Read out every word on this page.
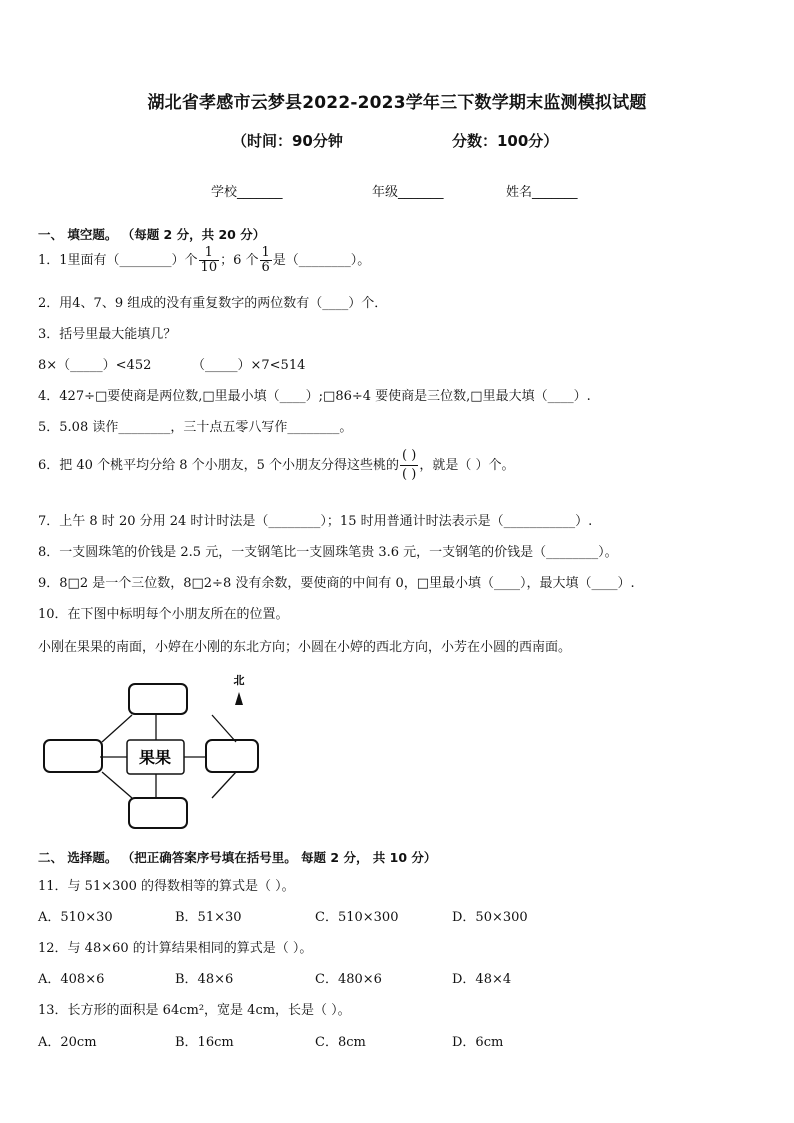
湖北省孝感市云梦县2022-2023学年三下数学期末监测模拟试题
（时间：90分钟	分数：100分）
学校_______	年级_______	姓名_______
一、 填空题。 （每题 2 分，共 20 分）
1．1里面有（________）个 $\frac{1}{10}$ ；6 个 $\frac{1}{6}$ 是（________）。
2．用4、7、9 组成的没有重复数字的两位数有（____）个．
3．括号里最大能填几？
8×（_____）<452	（_____）×7<514
4．427÷□要使商是两位数,□里最小填（____）;□86÷4 要使商是三位数,□里最大填（____）.
5．5.08 读作________，三十点五零八写作________。
6．把 40 个桃平均分给 8 个小朋友，5 个小朋友分得这些桃的 $\frac{( )}{( )}$ ，就是（ ）个。
7．上午 8 时 20 分用 24 时计时法是（________）；15 时用普通计时法表示是（___________）.
8．一支圆珠笔的价钱是 2.5 元，一支钢笔比一支圆珠笔贵 3.6 元，一支钢笔的价钱是（________）。
9．8□2 是一个三位数，8□2÷8 没有余数，要使商的中间有 0，□里最小填（____），最大填（____）.
10．在下图中标明每个小朋友所在的位置。
小刚在果果的南面，小婷在小刚的东北方向；小圆在小婷的西北方向，小芳在小圆的西南面。
果果
北
二、 选择题。 （把正确答案序号填在括号里。 每题 2 分， 共 10 分）
11．与 51×300 的得数相等的算式是（ ）。
A．510×30	B．51×30	C．510×300	D．50×300
12．与 48×60 的计算结果相同的算式是（ ）。
A．408×6	B．48×6	C．480×6	D．48×4
13．长方形的面积是 64cm²，宽是 4cm，长是（ ）。
A．20cm	B．16cm	C．8cm	D．6cm
